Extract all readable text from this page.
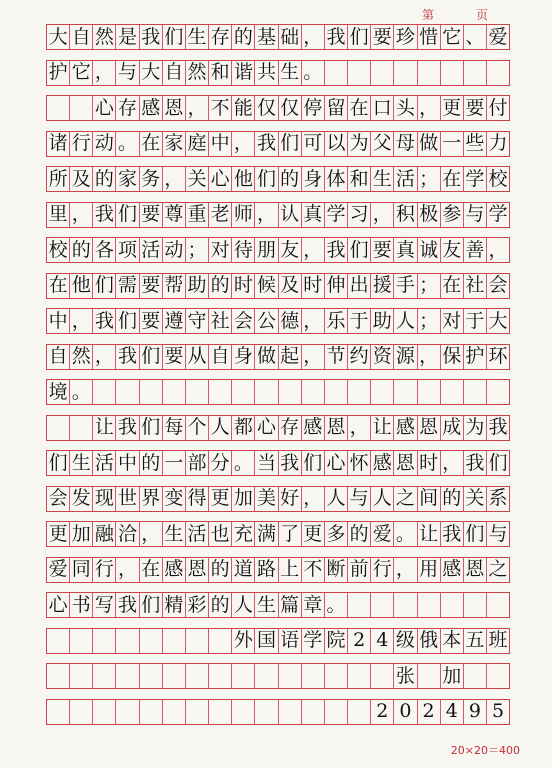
第	页
大 自 然 是 我 们 生 存 的 基 础 ， 我 们 要 珍 惜 它 、 爱
护 它 ， 与 大 自 然 和 谐 共 生 。
心 存 感 恩 ， 不 能 仅 仅 停 留 在 口 头 ， 更 要 付
诸 行 动 。 在 家 庭 中 ， 我 们 可 以 为 父 母 做 一 些 力
所 及 的 家 务 ， 关 心 他 们 的 身 体 和 生 活 ； 在 学 校
里 ， 我 们 要 尊 重 老 师 ， 认 真 学 习 ， 积 极 参 与 学
校 的 各 项 活 动 ； 对 待 朋 友 ， 我 们 要 真 诚 友 善 ，
在 他 们 需 要 帮 助 的 时 候 及 时 伸 出 援 手 ； 在 社 会
中 ， 我 们 要 遵 守 社 会 公 德 ， 乐 于 助 人 ； 对 于 大
自 然 ， 我 们 要 从 自 身 做 起 ， 节 约 资 源 ， 保 护 环
境 。
让 我 们 每 个 人 都 心 存 感 恩 ， 让 感 恩 成 为 我
们 生 活 中 的 一 部 分 。 当 我 们 心 怀 感 恩 时 ， 我 们
会 发 现 世 界 变 得 更 加 美 好 ， 人 与 人 之 间 的 关 系
更 加 融 洽 ， 生 活 也 充 满 了 更 多 的 爱 。 让 我 们 与
爱 同 行 ， 在 感 恩 的 道 路 上 不 断 前 行 ， 用 感 恩 之
心 书 写 我 们 精 彩 的 人 生 篇 章 。
外 国 语 学 院 2 4 级 俄 本 五 班
张 加
2 0 2 4 9 5
20×20＝400
